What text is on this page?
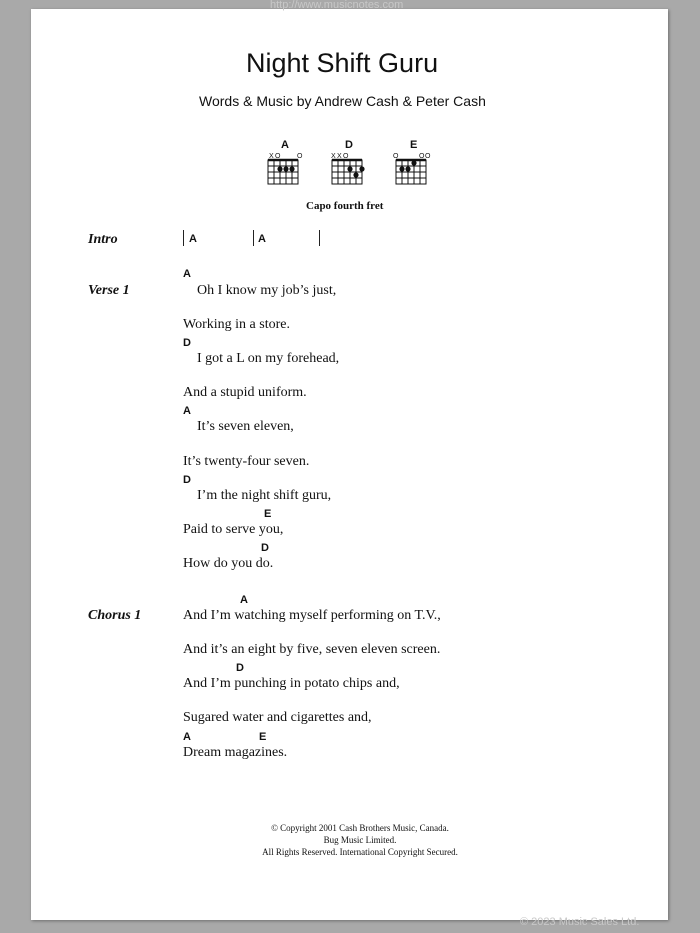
http://www.musicnotes.com
Night Shift Guru
Words & Music by Andrew Cash & Peter Cash
A	D	E
X O O	X X O	O	O O
Capo fourth fret
Intro	A	A
Verse 1
A
Oh I know my job’s just,
Working in a store.
D
I got a L on my forehead,
And a stupid uniform.
A
It’s seven eleven,
It’s twenty-four seven.
D
I’m the night shift guru,
E
Paid to serve you,
D
How do you do.
Chorus 1
A
And I’m watching myself performing on T.V.,
And it’s an eight by five, seven eleven screen.
D
And I’m punching in potato chips and,
Sugared water and cigarettes and,
A	E
Dream magazines.
© Copyright 2001 Cash Brothers Music, Canada.
Bug Music Limited.
All Rights Reserved. International Copyright Secured.
© 2023 Music Sales Ltd.
